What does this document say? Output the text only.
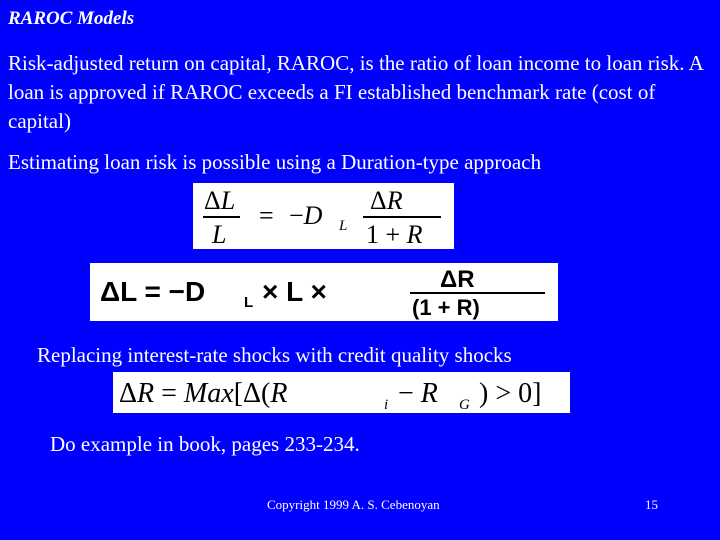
RAROC Models
Risk-adjusted return on capital, RAROC, is the ratio of loan income to loan risk. A loan is approved if RAROC exceeds a FI established benchmark rate (cost of capital)
Estimating loan risk is possible using a Duration-type approach
ΔL
L
= −D L
ΔR
1 + R
ΔL = −D	L × L ×	ΔR
(1 + R)
Replacing interest-rate shocks with credit quality shocks
ΔR = Max[Δ(R	i − R G ) > 0]
Do example in book, pages 233-234.
Copyright 1999 A. S. Cebenoyan	15
